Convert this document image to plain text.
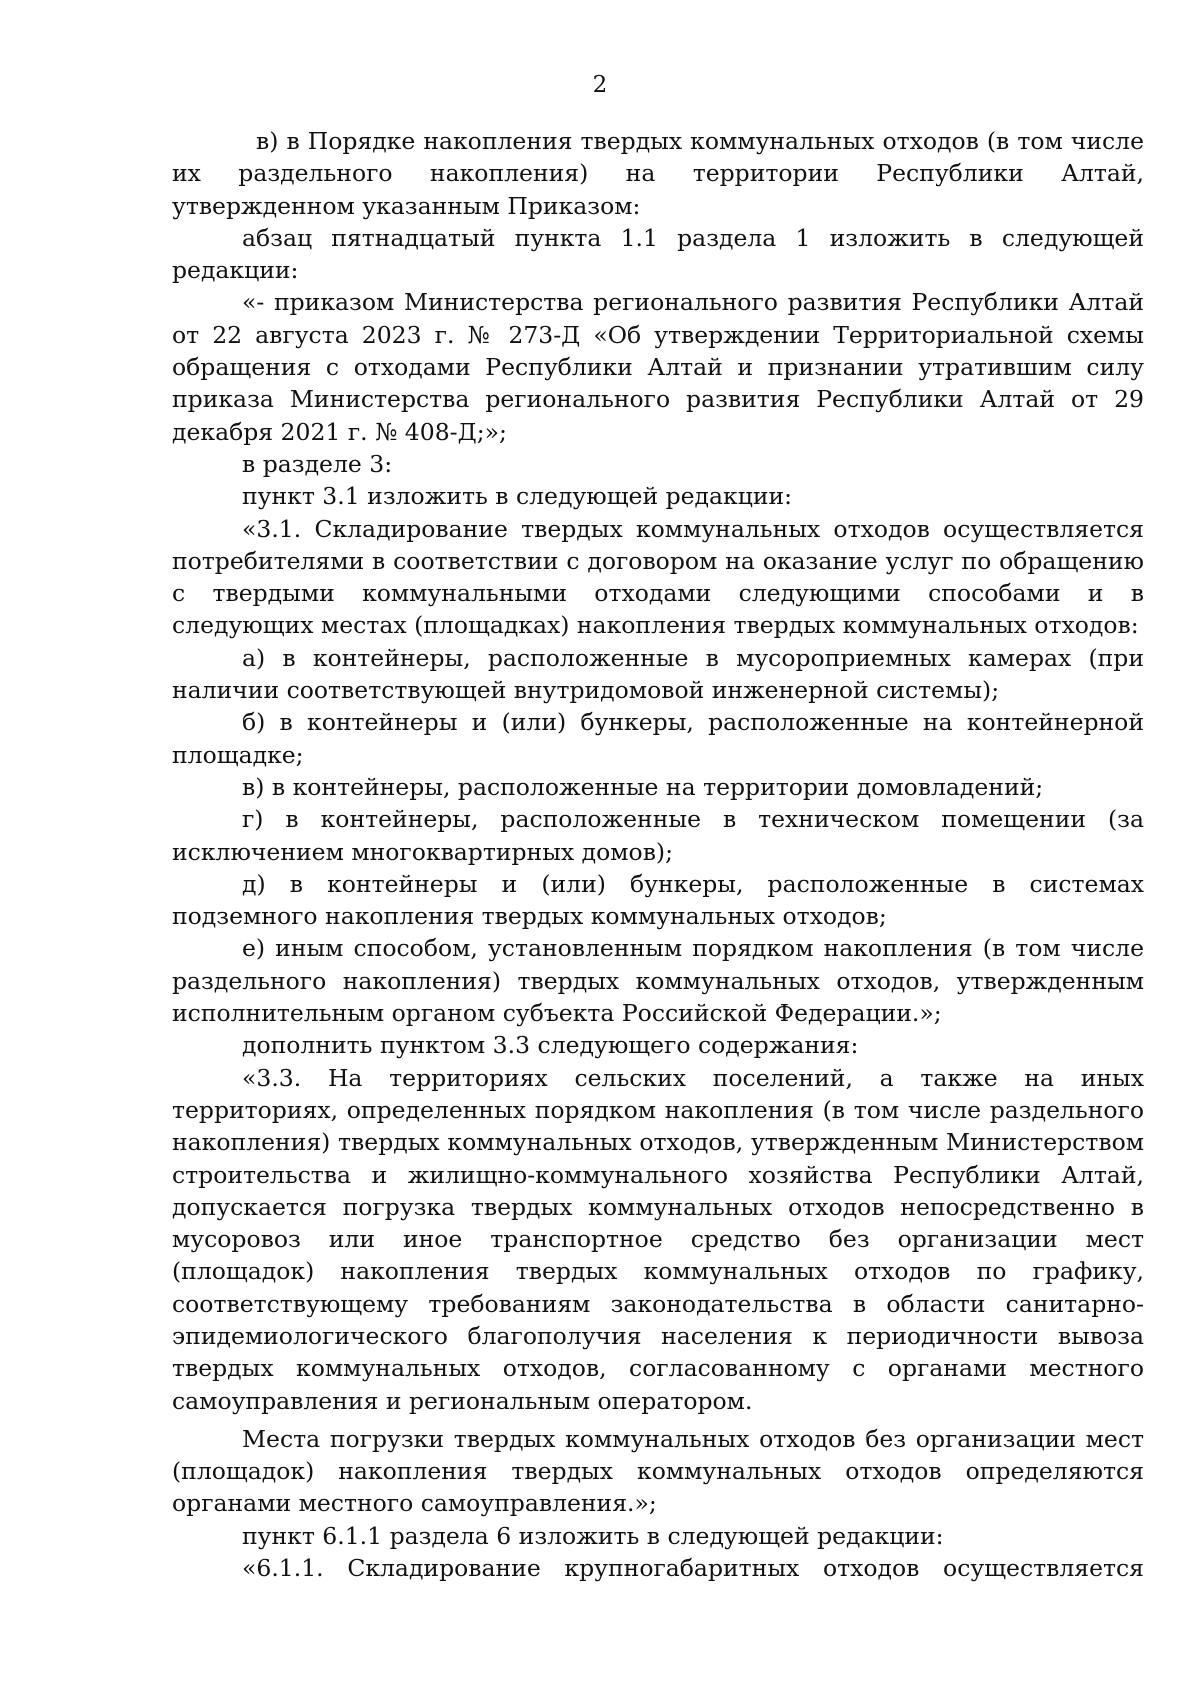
2

в) в Порядке накопления твердых коммунальных отходов (в том числе их раздельного накопления) на территории Республики Алтай, утвержденном указанным Приказом:

абзац пятнадцатый пункта 1.1 раздела 1 изложить в следующей редакции:

«- приказом Министерства регионального развития Республики Алтай от 22 августа 2023 г. № 273-Д «Об утверждении Территориальной схемы обращения с отходами Республики Алтай и признании утратившим силу приказа Министерства регионального развития Республики Алтай от 29 декабря 2021 г. № 408-Д;»;

в разделе 3:

пункт 3.1 изложить в следующей редакции:

«3.1. Складирование твердых коммунальных отходов осуществляется потребителями в соответствии с договором на оказание услуг по обращению с твердыми коммунальными отходами следующими способами и в следующих местах (площадках) накопления твердых коммунальных отходов:

а) в контейнеры, расположенные в мусороприемных камерах (при наличии соответствующей внутридомовой инженерной системы);

б) в контейнеры и (или) бункеры, расположенные на контейнерной площадке;

в) в контейнеры, расположенные на территории домовладений;

г) в контейнеры, расположенные в техническом помещении (за исключением многоквартирных домов);

д) в контейнеры и (или) бункеры, расположенные в системах подземного накопления твердых коммунальных отходов;

е) иным способом, установленным порядком накопления (в том числе раздельного накопления) твердых коммунальных отходов, утвержденным исполнительным органом субъекта Российской Федерации.»;

дополнить пунктом 3.3 следующего содержания:

«3.3. На территориях сельских поселений, а также на иных территориях, определенных порядком накопления (в том числе раздельного накопления) твердых коммунальных отходов, утвержденным Министерством строительства и жилищно-коммунального хозяйства Республики Алтай, допускается погрузка твердых коммунальных отходов непосредственно в мусоровоз или иное транспортное средство без организации мест (площадок) накопления твердых коммунальных отходов по графику, соответствующему требованиям законодательства в области санитарно-эпидемиологического благополучия населения к периодичности вывоза твердых коммунальных отходов, согласованному с органами местного самоуправления и региональным оператором.

Места погрузки твердых коммунальных отходов без организации мест (площадок) накопления твердых коммунальных отходов определяются органами местного самоуправления.»;

пункт 6.1.1 раздела 6 изложить в следующей редакции:

«6.1.1. Складирование крупногабаритных отходов осуществляется
